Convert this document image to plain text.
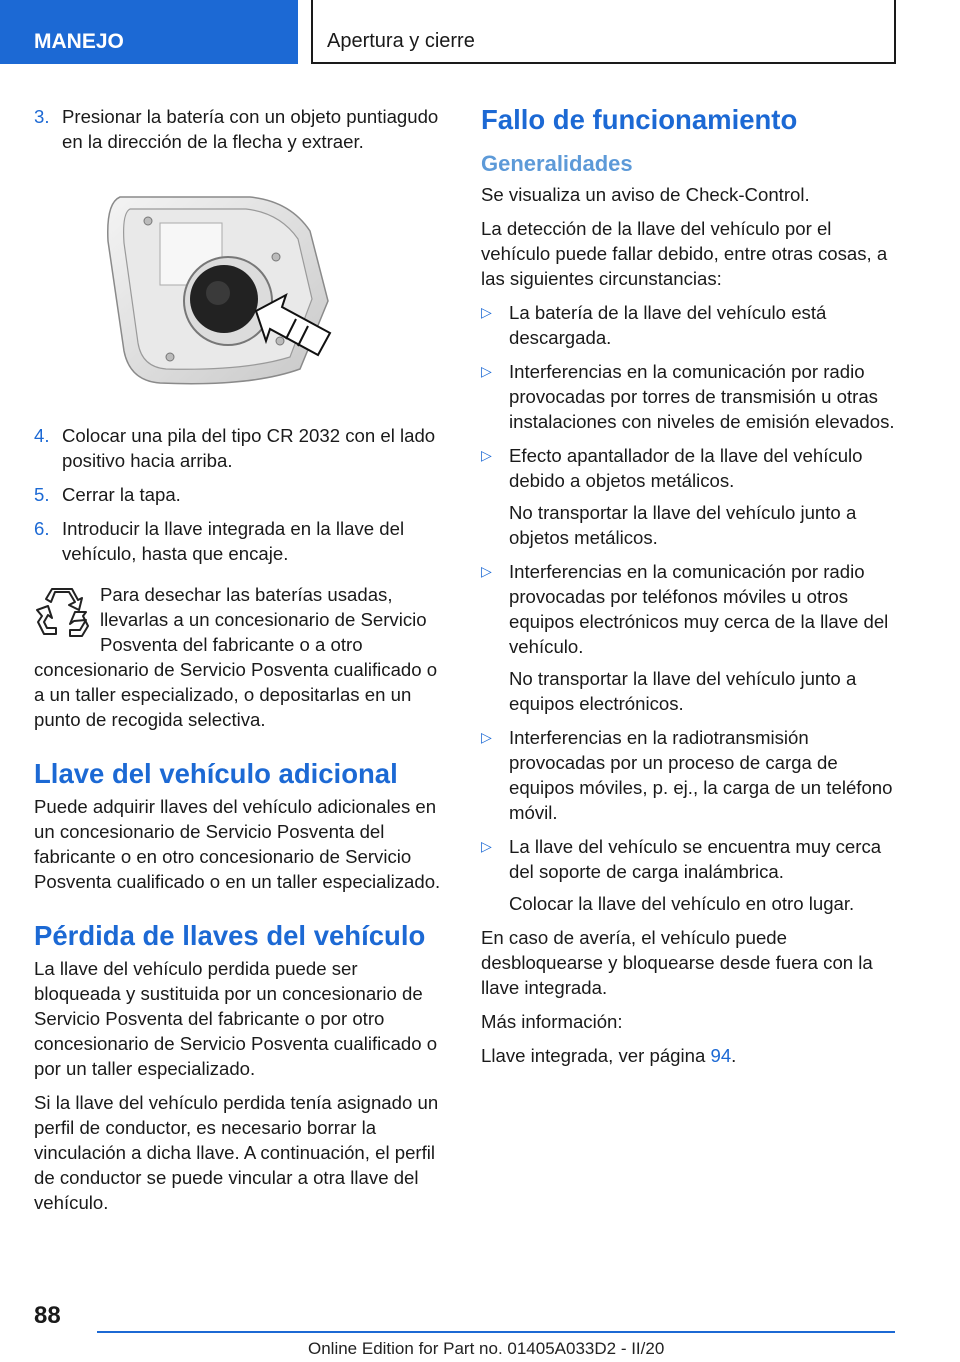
MANEJO	Apertura y cierre
3. Presionar la batería con un objeto puntiagudo en la dirección de la flecha y extraer.
4. Colocar una pila del tipo CR 2032 con el lado positivo hacia arriba.
5. Cerrar la tapa.
6. Introducir la llave integrada en la llave del vehículo, hasta que encaje.
Para desechar las baterías usadas, llevarlas a un concesionario de Servicio Posventa del fabricante o a otro concesionario de Servicio Posventa cualificado o a un taller especializado, o depositarlas en un punto de recogida selectiva.
Llave del vehículo adicional

Puede adquirir llaves del vehículo adicionales en un concesionario de Servicio Posventa del fabricante o en otro concesionario de Servicio Posventa cualificado o en un taller especializado.

Pérdida de llaves del vehículo

La llave del vehículo perdida puede ser bloqueada y sustituida por un concesionario de Servicio Posventa del fabricante o por otro concesionario de Servicio Posventa cualificado o por un taller especializado.

Si la llave del vehículo perdida tenía asignado un perfil de conductor, es necesario borrar la vinculación a dicha llave. A continuación, el perfil de conductor se puede vincular a otra llave del vehículo.

Fallo de funcionamiento
Generalidades

Se visualiza un aviso de Check-Control.

La detección de la llave del vehículo por el vehículo puede fallar debido, entre otras cosas, a las siguientes circunstancias:

▷ La batería de la llave del vehículo está descargada.

▷ Interferencias en la comunicación por radio provocadas por torres de transmisión u otras instalaciones con niveles de emisión elevados.

▷ Efecto apantallador de la llave del vehículo debido a objetos metálicos.

No transportar la llave del vehículo junto a objetos metálicos.

▷ Interferencias en la comunicación por radio provocadas por teléfonos móviles u otros equipos electrónicos muy cerca de la llave del vehículo.

No transportar la llave del vehículo junto a equipos electrónicos.

▷ Interferencias en la radiotransmisión provocadas por un proceso de carga de equipos móviles, p. ej., la carga de un teléfono móvil.

▷ La llave del vehículo se encuentra muy cerca del soporte de carga inalámbrica.

Colocar la llave del vehículo en otro lugar.

En caso de avería, el vehículo puede desbloquearse y bloquearse desde fuera con la llave integrada.

Más información:

Llave integrada, ver página 94.

88
Online Edition for Part no. 01405A033D2 - II/20
